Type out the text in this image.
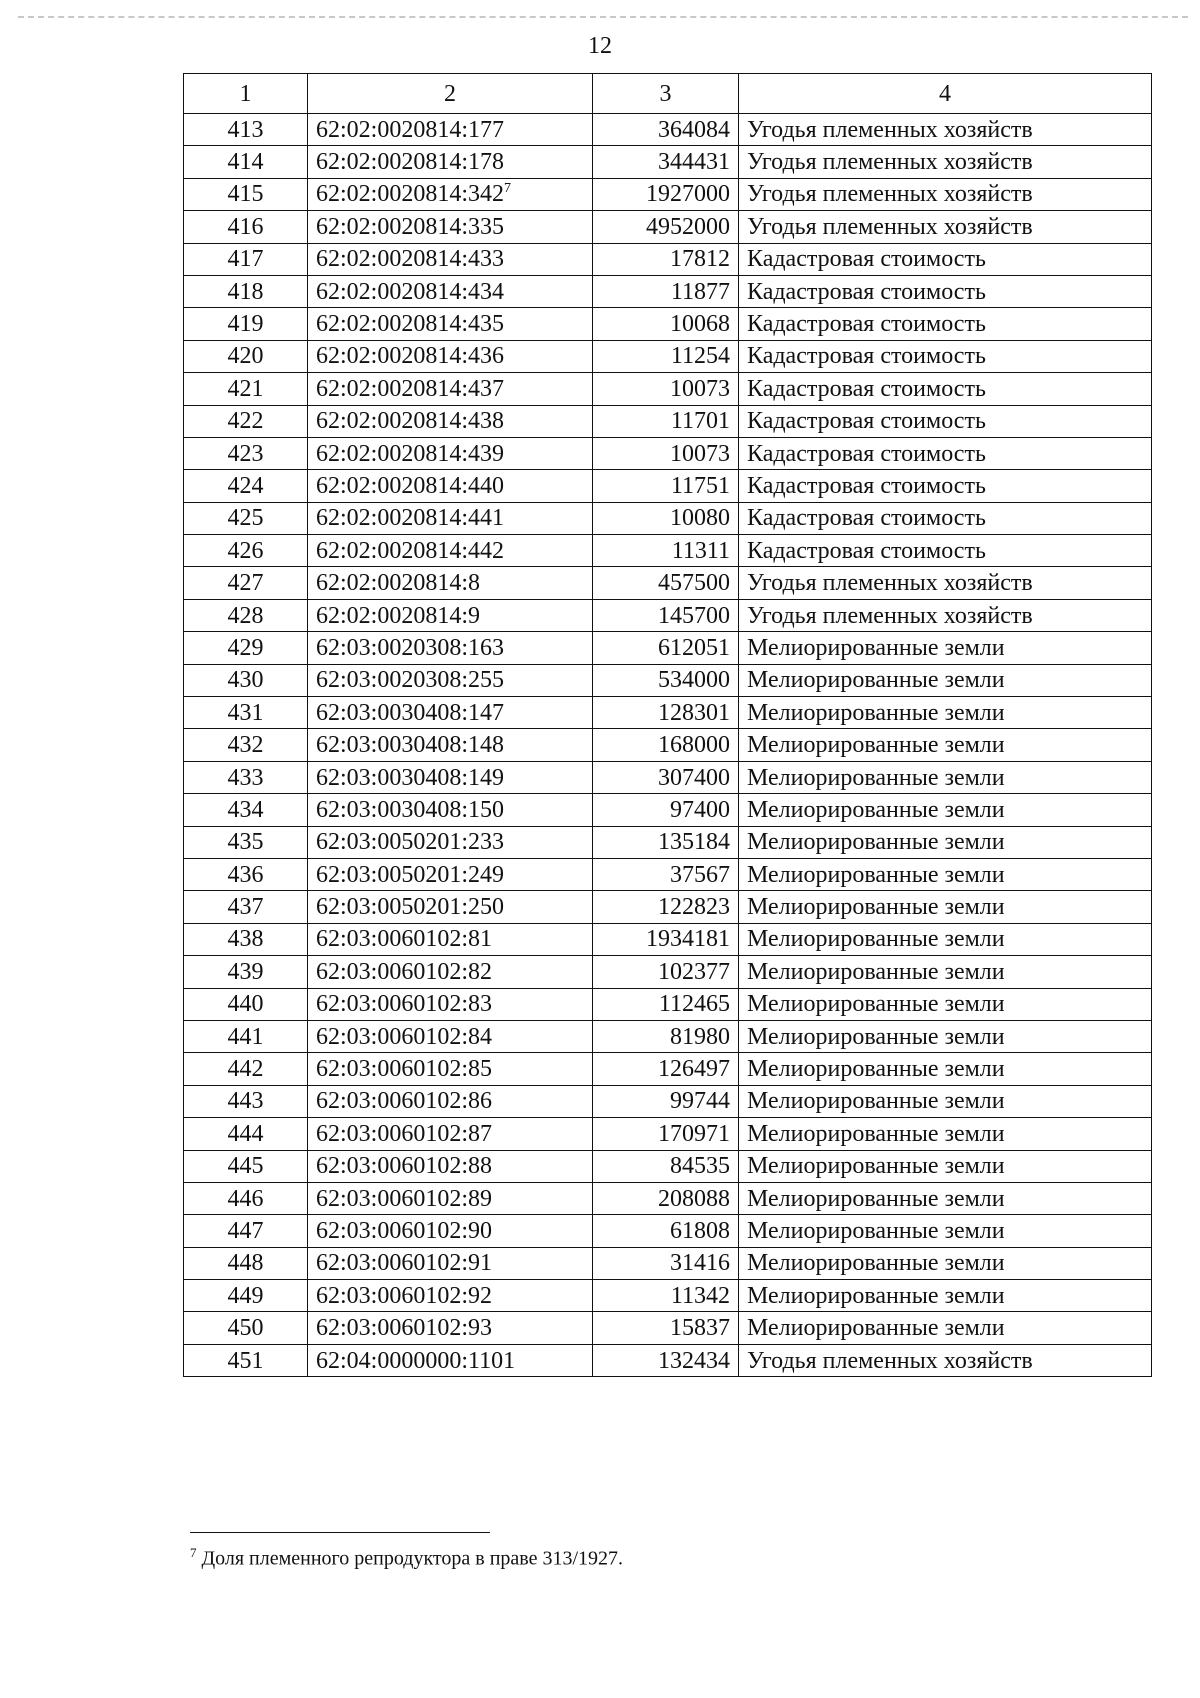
12
1	2	3	4
413	62:02:0020814:177	364084	Угодья племенных хозяйств
414	62:02:0020814:178	344431	Угодья племенных хозяйств
415	62:02:0020814:342$^7$	1927000	Угодья племенных хозяйств
416	62:02:0020814:335	4952000	Угодья племенных хозяйств
417	62:02:0020814:433	17812	Кадастровая стоимость
418	62:02:0020814:434	11877	Кадастровая стоимость
419	62:02:0020814:435	10068	Кадастровая стоимость
420	62:02:0020814:436	11254	Кадастровая стоимость
421	62:02:0020814:437	10073	Кадастровая стоимость
422	62:02:0020814:438	11701	Кадастровая стоимость
423	62:02:0020814:439	10073	Кадастровая стоимость
424	62:02:0020814:440	11751	Кадастровая стоимость
425	62:02:0020814:441	10080	Кадастровая стоимость
426	62:02:0020814:442	11311	Кадастровая стоимость
427	62:02:0020814:8	457500	Угодья племенных хозяйств
428	62:02:0020814:9	145700	Угодья племенных хозяйств
429	62:03:0020308:163	612051	Мелиорированные земли
430	62:03:0020308:255	534000	Мелиорированные земли
431	62:03:0030408:147	128301	Мелиорированные земли
432	62:03:0030408:148	168000	Мелиорированные земли
433	62:03:0030408:149	307400	Мелиорированные земли
434	62:03:0030408:150	97400	Мелиорированные земли
435	62:03:0050201:233	135184	Мелиорированные земли
436	62:03:0050201:249	37567	Мелиорированные земли
437	62:03:0050201:250	122823	Мелиорированные земли
438	62:03:0060102:81	1934181	Мелиорированные земли
439	62:03:0060102:82	102377	Мелиорированные земли
440	62:03:0060102:83	112465	Мелиорированные земли
441	62:03:0060102:84	81980	Мелиорированные земли
442	62:03:0060102:85	126497	Мелиорированные земли
443	62:03:0060102:86	99744	Мелиорированные земли
444	62:03:0060102:87	170971	Мелиорированные земли
445	62:03:0060102:88	84535	Мелиорированные земли
446	62:03:0060102:89	208088	Мелиорированные земли
447	62:03:0060102:90	61808	Мелиорированные земли
448	62:03:0060102:91	31416	Мелиорированные земли
449	62:03:0060102:92	11342	Мелиорированные земли
450	62:03:0060102:93	15837	Мелиорированные земли
451	62:04:0000000:1101	132434	Угодья племенных хозяйств
$^7$ Доля племенного репродуктора в праве 313/1927.
